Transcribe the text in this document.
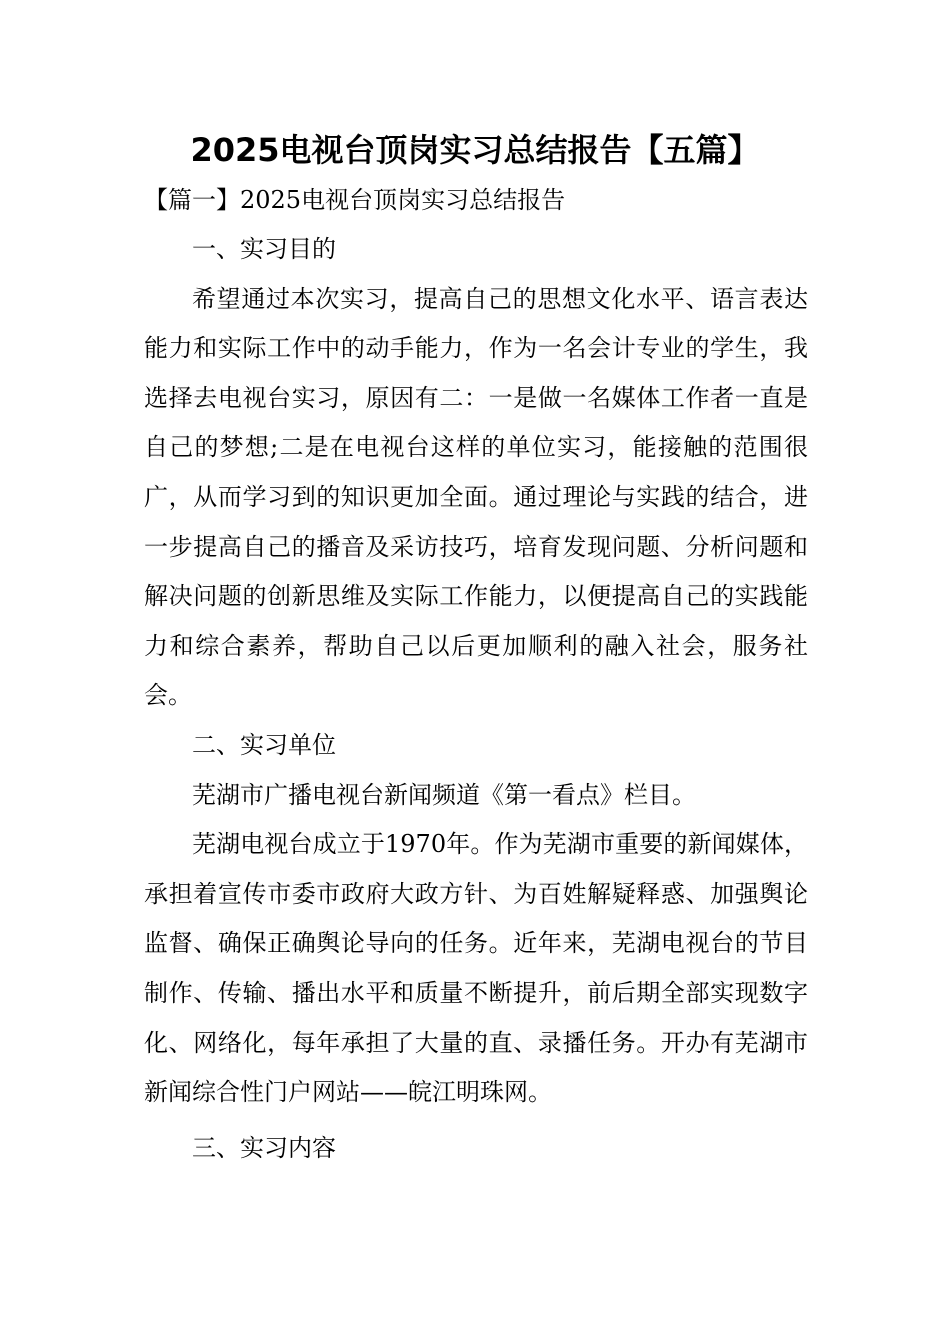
2025电视台顶岗实习总结报告【五篇】

【篇一】2025电视台顶岗实习总结报告

一、实习目的

希望通过本次实习，提高自己的思想文化水平、语言表达能力和实际工作中的动手能力，作为一名会计专业的学生，我选择去电视台实习，原因有二：一是做一名媒体工作者一直是自己的梦想;二是在电视台这样的单位实习，能接触的范围很广，从而学习到的知识更加全面。通过理论与实践的结合，进一步提高自己的播音及采访技巧，培育发现问题、分析问题和解决问题的创新思维及实际工作能力，以便提高自己的实践能力和综合素养，帮助自己以后更加顺利的融入社会，服务社会。

二、实习单位

芜湖市广播电视台新闻频道《第一看点》栏目。

芜湖电视台成立于1970年。作为芜湖市重要的新闻媒体，承担着宣传市委市政府大政方针、为百姓解疑释惑、加强舆论监督、确保正确舆论导向的任务。近年来，芜湖电视台的节目制作、传输、播出水平和质量不断提升，前后期全部实现数字化、网络化，每年承担了大量的直、录播任务。开办有芜湖市新闻综合性门户网站——皖江明珠网。

三、实习内容
